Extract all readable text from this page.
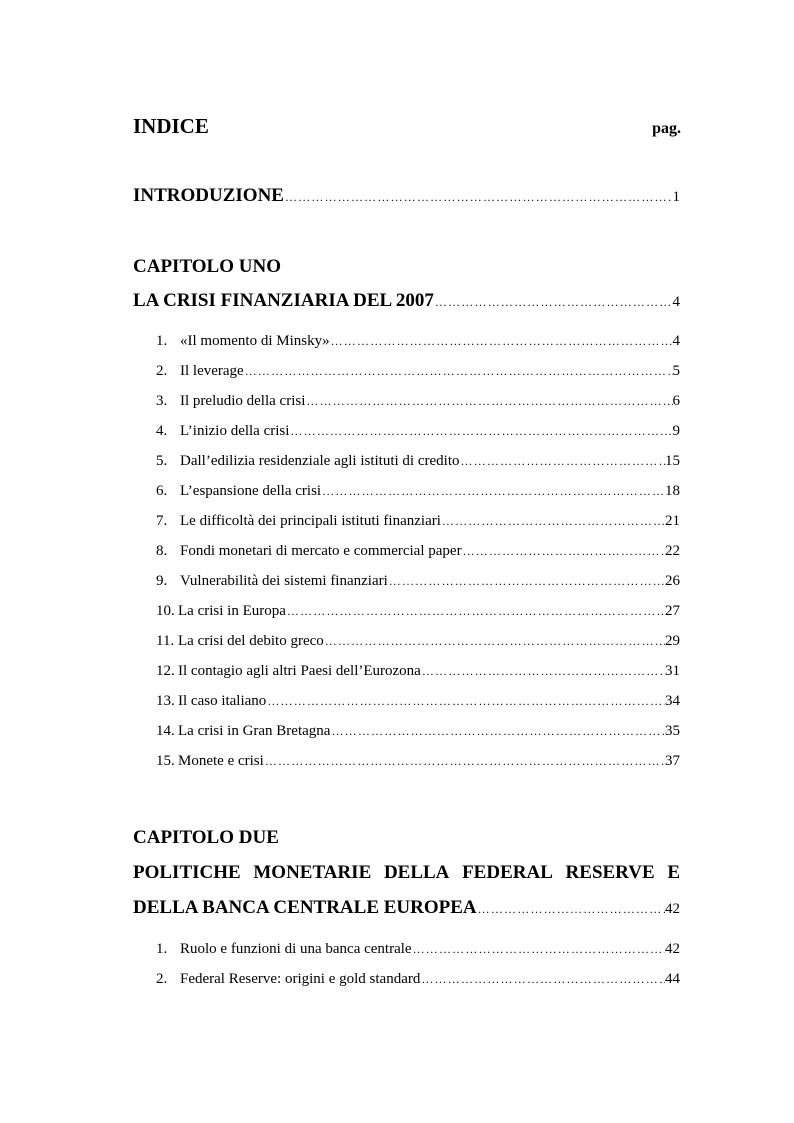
INDICE	pag.
INTRODUZIONE ……………………………………………………………………………………………………………………………………………………………………………………	1
CAPITOLO UNO
LA CRISI FINANZIARIA DEL 2007 ……………………………………………………………………………………………………………………………………………………………………………………	4
1. «Il momento di Minsky» ……………………………………………………………………………………………………………………………………………………………………………………	4
2. Il leverage ……………………………………………………………………………………………………………………………………………………………………………………	5
3. Il preludio della crisi ……………………………………………………………………………………………………………………………………………………………………………………	6
4. L’inizio della crisi ……………………………………………………………………………………………………………………………………………………………………………………	9
5. Dall’edilizia residenziale agli istituti di credito ……………………………………………………………………………………………………………………………………………………………………………………	15
6. L’espansione della crisi ……………………………………………………………………………………………………………………………………………………………………………………	18
7. Le difficoltà dei principali istituti finanziari ……………………………………………………………………………………………………………………………………………………………………………………	21
8. Fondi monetari di mercato e commercial paper ……………………………………………………………………………………………………………………………………………………………………………………	22
9. Vulnerabilità dei sistemi finanziari ……………………………………………………………………………………………………………………………………………………………………………………	26
10. La crisi in Europa ……………………………………………………………………………………………………………………………………………………………………………………	27
11. La crisi del debito greco ……………………………………………………………………………………………………………………………………………………………………………………	29
12. Il contagio agli altri Paesi dell’Eurozona ……………………………………………………………………………………………………………………………………………………………………………………	31
13. Il caso italiano ……………………………………………………………………………………………………………………………………………………………………………………	34
14. La crisi in Gran Bretagna ……………………………………………………………………………………………………………………………………………………………………………………	35
15. Monete e crisi ……………………………………………………………………………………………………………………………………………………………………………………	37
CAPITOLO DUE
POLITICHE MONETARIE DELLA FEDERAL RESERVE E
DELLA BANCA CENTRALE EUROPEA ……………………………………………………………………………………………………………………………………………………………………………………	42
1. Ruolo e funzioni di una banca centrale ……………………………………………………………………………………………………………………………………………………………………………………	42
2. Federal Reserve: origini e gold standard ……………………………………………………………………………………………………………………………………………………………………………………	44
